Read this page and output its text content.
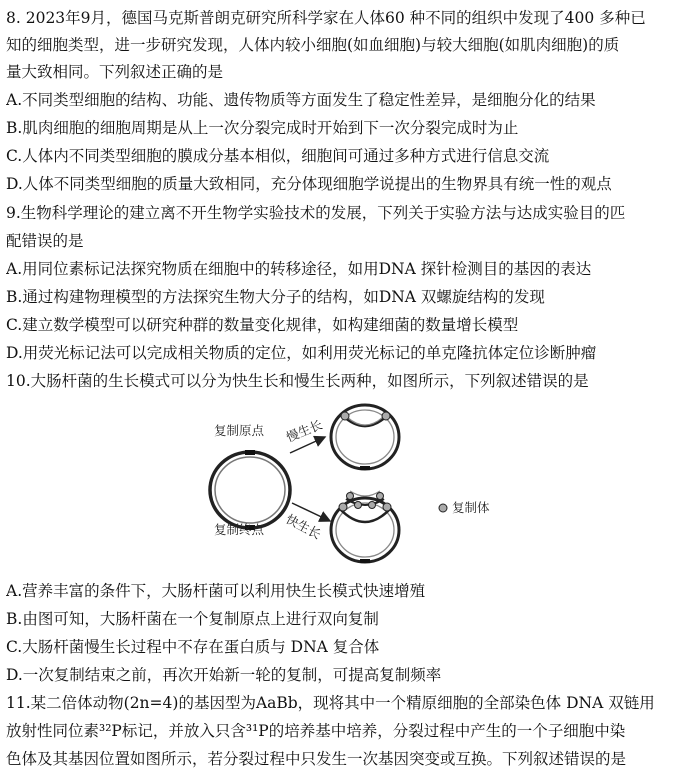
8. 2023年9月，德国马克斯普朗克研究所科学家在人体60 种不同的组织中发现了400 多种已
知的细胞类型，进一步研究发现，人体内较小细胞(如血细胞)与较大细胞(如肌肉细胞)的质
量大致相同。下列叙述正确的是
A.不同类型细胞的结构、功能、遗传物质等方面发生了稳定性差异，是细胞分化的结果
B.肌肉细胞的细胞周期是从上一次分裂完成时开始到下一次分裂完成时为止
C.人体内不同类型细胞的膜成分基本相似，细胞间可通过多种方式进行信息交流
D.人体不同类型细胞的质量大致相同，充分体现细胞学说提出的生物界具有统一性的观点
9.生物科学理论的建立离不开生物学实验技术的发展，下列关于实验方法与达成实验目的匹
配错误的是
A.用同位素标记法探究物质在细胞中的转移途径，如用DNA 探针检测目的基因的表达
B.通过构建物理模型的方法探究生物大分子的结构，如DNA 双螺旋结构的发现
C.建立数学模型可以研究种群的数量变化规律，如构建细菌的数量增长模型
D.用荧光标记法可以完成相关物质的定位，如利用荧光标记的单克隆抗体定位诊断肿瘤
10.大肠杆菌的生长模式可以分为快生长和慢生长两种，如图所示，下列叙述错误的是
复制原点
复制终点
慢生长
快生长
复制体
A.营养丰富的条件下，大肠杆菌可以利用快生长模式快速增殖
B.由图可知，大肠杆菌在一个复制原点上进行双向复制
C.大肠杆菌慢生长过程中不存在蛋白质与 DNA 复合体
D.一次复制结束之前，再次开始新一轮的复制，可提高复制频率
11.某二倍体动物(2n=4)的基因型为AaBb，现将其中一个精原细胞的全部染色体 DNA 双链用
放射性同位素³²P标记，并放入只含³¹P的培养基中培养，分裂过程中产生的一个子细胞中染
色体及其基因位置如图所示，若分裂过程中只发生一次基因突变或互换。下列叙述错误的是
